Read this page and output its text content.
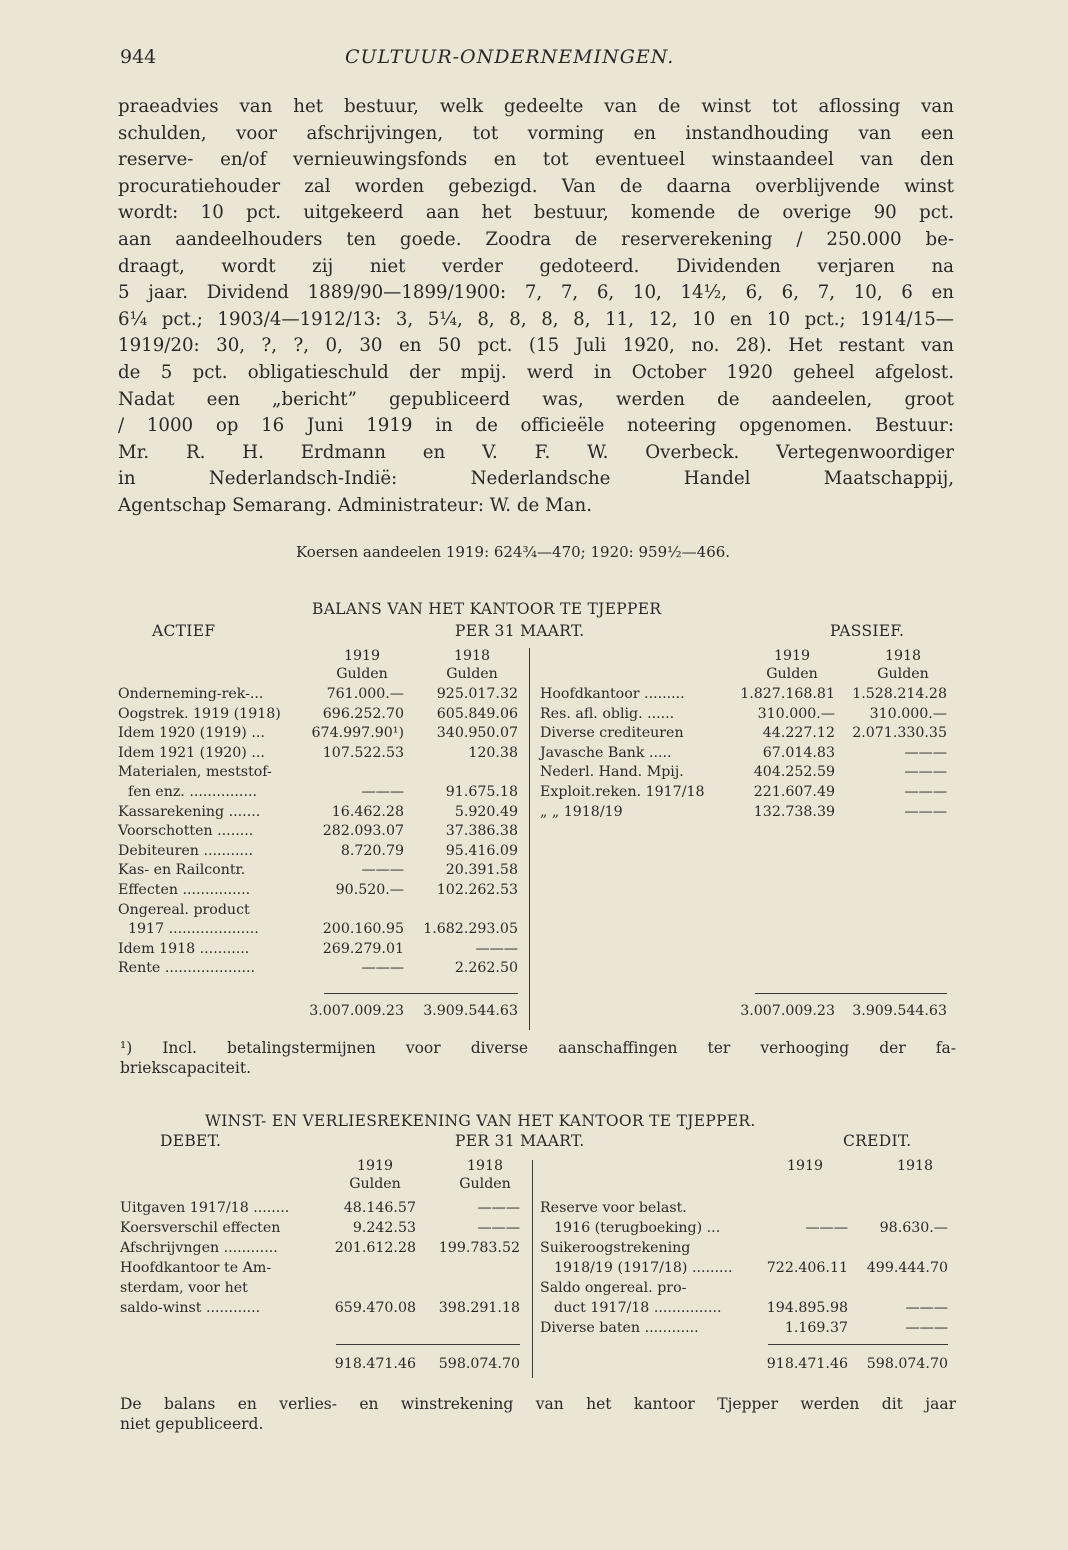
944	CULTUUR-ONDERNEMINGEN.
praeadvies van het bestuur, welk gedeelte van de winst tot aflossing van
schulden, voor afschrijvingen, tot vorming en instandhouding van een
reserve- en/of vernieuwingsfonds en tot eventueel winstaandeel van den
procuratiehouder zal worden gebezigd. Van de daarna overblijvende winst
wordt: 10 pct. uitgekeerd aan het bestuur, komende de overige 90 pct.
aan aandeelhouders ten goede. Zoodra de reserverekening / 250.000 be-
draagt, wordt zij niet verder gedoteerd. Dividenden verjaren na
5 jaar. Dividend 1889/90—1899/1900: 7, 7, 6, 10, 14½, 6, 6, 7, 10, 6 en
6¼ pct.; 1903/4—1912/13: 3, 5¼, 8, 8, 8, 8, 11, 12, 10 en 10 pct.; 1914/15—
1919/20: 30, ?, ?, 0, 30 en 50 pct. (15 Juli 1920, no. 28). Het restant van
de 5 pct. obligatieschuld der mpij. werd in October 1920 geheel afgelost.
Nadat een „bericht” gepubliceerd was, werden de aandeelen, groot
/ 1000 op 16 Juni 1919 in de officieële noteering opgenomen. Bestuur:
Mr. R. H. Erdmann en V. F. W. Overbeck. Vertegenwoordiger
in Nederlandsch-Indië: Nederlandsche Handel Maatschappij,
Agentschap Semarang. Administrateur: W. de Man.
Koersen aandeelen 1919: 624¾—470; 1920: 959½—466.
BALANS VAN HET KANTOOR TE TJEPPER
ACTIEF	PER 31 MAART.	PASSIEF.
1919	1918	1919	1918
Gulden	Gulden	Gulden	Gulden
Onderneming-rek-...	761.000.—	925.017.32
Oogstrek. 1919 (1918)	696.252.70	605.849.06
Idem 1920 (1919) ...	674.997.90¹)	340.950.07
Idem 1921 (1920) ...	107.522.53	120.38
Materialen, meststof-
fen enz. ...............	———	91.675.18
Kassarekening .......	16.462.28	5.920.49
Voorschotten ........	282.093.07	37.386.38
Debiteuren ...........	8.720.79	95.416.09
Kas- en Railcontr.	———	20.391.58
Effecten ...............	90.520.—	102.262.53
Ongereal. product
1917 ....................	200.160.95	1.682.293.05
Idem 1918 ...........	269.279.01	———
Rente ....................	———	2.262.50
Hoofdkantoor .........	1.827.168.81	1.528.214.28
Res. afl. oblig. ......	310.000.—	310.000.—
Diverse crediteuren	44.227.12	2.071.330.35
Javasche Bank .....	67.014.83	———
Nederl. Hand. Mpij.	404.252.59	———
Exploit.reken. 1917/18	221.607.49	———
„ „ 1918/19	132.738.39	———
3.007.009.23	3.909.544.63	3.007.009.23	3.909.544.63
¹) Incl. betalingstermijnen voor diverse aanschaffingen ter verhooging der fa-
briekscapaciteit.
WINST- EN VERLIESREKENING VAN HET KANTOOR TE TJEPPER.
DEBET.	PER 31 MAART.	CREDIT.
1919	1918	1919	1918
Gulden	Gulden
Uitgaven 1917/18 ........	48.146.57	———
Koersverschil effecten	9.242.53	———
Afschrijvngen ............	201.612.28	199.783.52
Hoofdkantoor te Am-
sterdam, voor het
saldo-winst ............	659.470.08	398.291.18
Reserve voor belast.
1916 (terugboeking) ...	———	98.630.—
Suikeroogstrekening
1918/19 (1917/18) .........	722.406.11	499.444.70
Saldo ongereal. pro-
duct 1917/18 ...............	194.895.98	———
Diverse baten ............	1.169.37	———
918.471.46	598.074.70	918.471.46	598.074.70
De balans en verlies- en winstrekening van het kantoor Tjepper werden dit jaar
niet gepubliceerd.
